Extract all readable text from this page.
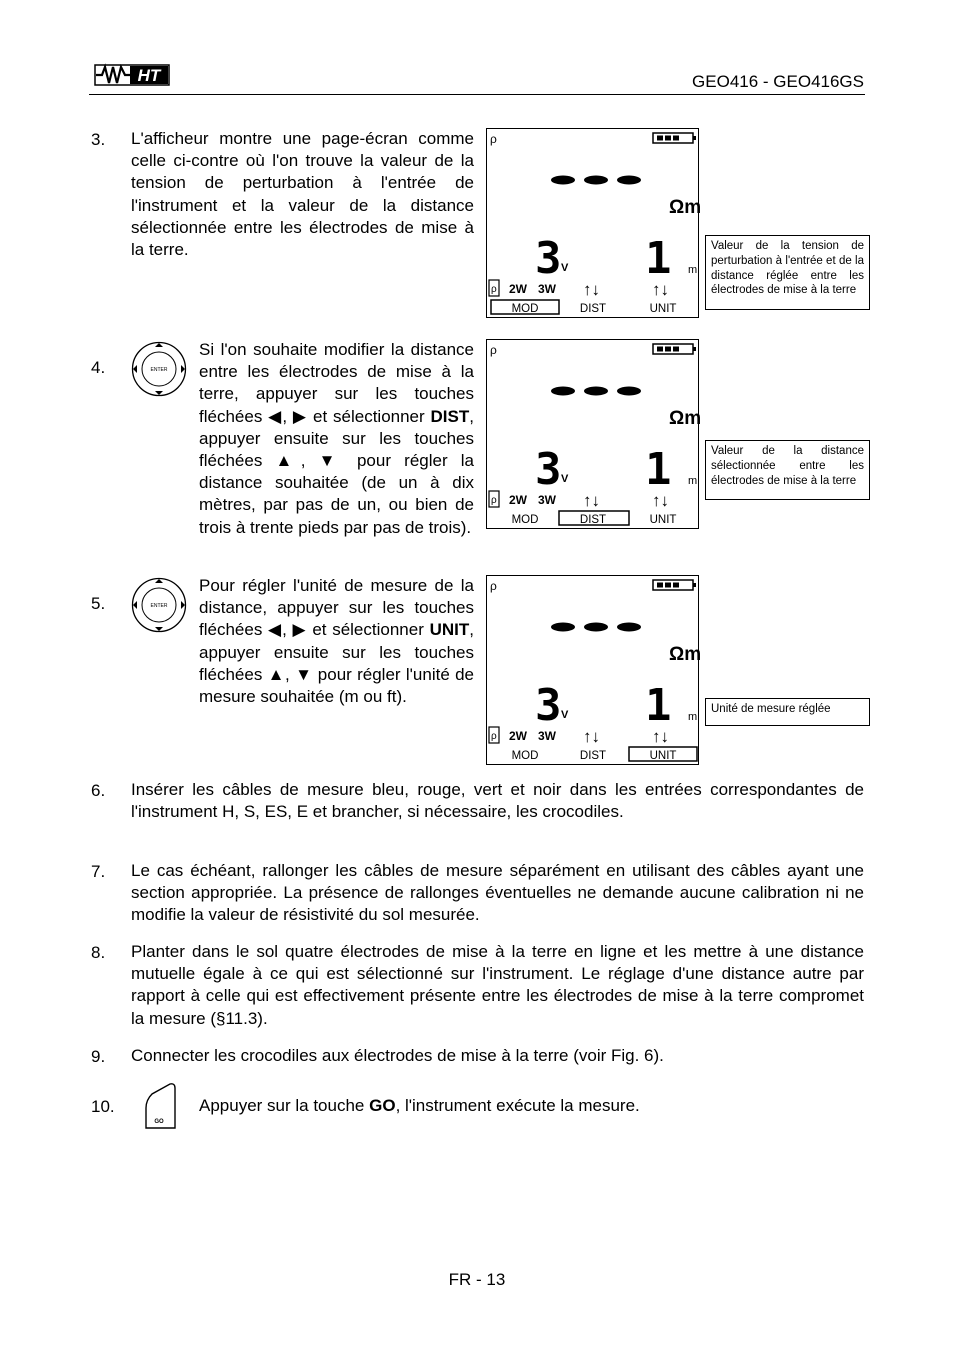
HT	GEO416 - GEO416GS
3. L'afficheur montre une page-écran comme celle ci-contre où l'on trouve la valeur de la tension de perturbation à l'entrée de l'instrument et la valeur de la distance sélectionnée entre les électrodes de mise à la terre.
ρ
Ωm
3 V 1 m
ρ 2W 3W ↑↓	↑↓
MOD	DIST	UNIT
Valeur de la tension de perturbation à l'entrée et de la distance réglée entre les électrodes de mise à la terre
4.	ENTER
Si l'on souhaite modifier la distance entre les électrodes de mise à la terre, appuyer sur les touches fléchées ◀, ▶ et sélectionner DIST, appuyer ensuite sur les touches fléchées ▲, ▼ pour régler la distance souhaitée (de un à dix mètres, par pas de un, ou bien de trois à trente pieds par pas de trois).
ρ
Ωm
3 V 1 m
ρ 2W 3W ↑↓	↑↓
MOD	DIST	UNIT
Valeur de la distance sélectionnée entre les électrodes de mise à la terre
5.	ENTER
Pour régler l'unité de mesure de la distance, appuyer sur les touches fléchées ◀, ▶ et sélectionner UNIT, appuyer ensuite sur les touches fléchées ▲, ▼ pour régler l'unité de mesure souhaitée (m ou ft).
ρ
Ωm
3 V 1 m
ρ 2W 3W ↑↓	↑↓
MOD	DIST	UNIT
Unité de mesure réglée
6. Insérer les câbles de mesure bleu, rouge, vert et noir dans les entrées correspondantes de l'instrument H, S, ES, E et brancher, si nécessaire, les crocodiles.
7. Le cas échéant, rallonger les câbles de mesure séparément en utilisant des câbles ayant une section appropriée. La présence de rallonges éventuelles ne demande aucune calibration ni ne modifie la valeur de résistivité du sol mesurée.
8. Planter dans le sol quatre électrodes de mise à la terre en ligne et les mettre à une distance mutuelle égale à ce qui est sélectionné sur l'instrument. Le réglage d'une distance autre par rapport à celle qui est effectivement présente entre les électrodes de mise à la terre compromet la mesure (§11.3).
9. Connecter les crocodiles aux électrodes de mise à la terre (voir Fig. 6).
10.
GO
Appuyer sur la touche GO, l'instrument exécute la mesure.
FR - 13
